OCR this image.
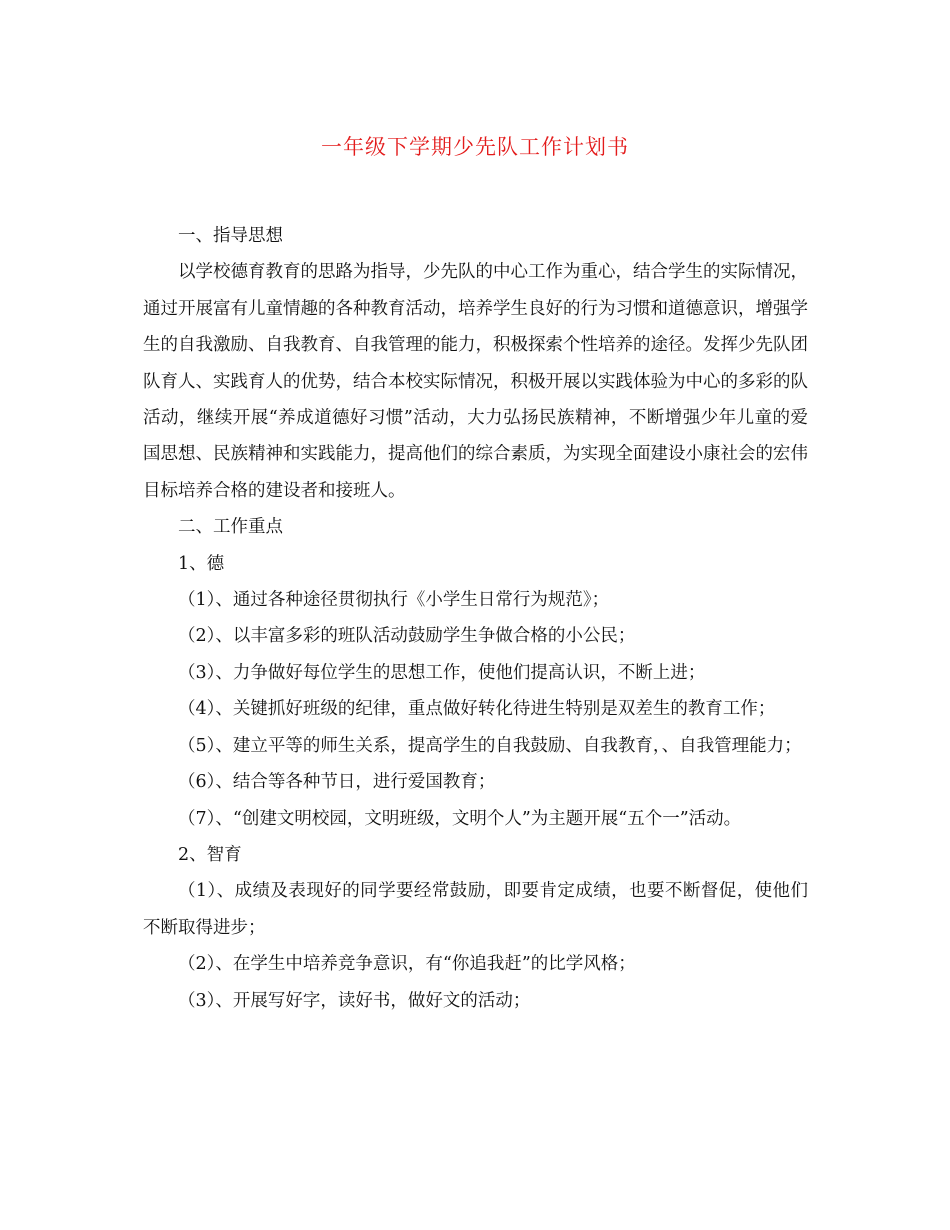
一年级下学期少先队工作计划书

一、指导思想

以学校德育教育的思路为指导，少先队的中心工作为重心，结合学生的实际情况，通过开展富有儿童情趣的各种教育活动，培养学生良好的行为习惯和道德意识，增强学生的自我激励、自我教育、自我管理的能力，积极探索个性培养的途径。发挥少先队团队育人、实践育人的优势，结合本校实际情况，积极开展以实践体验为中心的多彩的队活动，继续开展“养成道德好习惯”活动，大力弘扬民族精神，不断增强少年儿童的爱国思想、民族精神和实践能力，提高他们的综合素质，为实现全面建设小康社会的宏伟目标培养合格的建设者和接班人。

二、工作重点

1、德

（1）、通过各种途径贯彻执行《小学生日常行为规范》；

（2）、以丰富多彩的班队活动鼓励学生争做合格的小公民；

（3）、力争做好每位学生的思想工作，使他们提高认识，不断上进；

（4）、关键抓好班级的纪律，重点做好转化待进生特别是双差生的教育工作；

（5）、建立平等的师生关系，提高学生的自我鼓励、自我教育，、自我管理能力；

（6）、结合等各种节日，进行爱国教育；

（7）、“创建文明校园，文明班级，文明个人”为主题开展“五个一”活动。

2、智育

（1）、成绩及表现好的同学要经常鼓励，即要肯定成绩，也要不断督促，使他们不断取得进步；

（2）、在学生中培养竞争意识，有“你追我赶”的比学风格；

（3）、开展写好字，读好书，做好文的活动；
